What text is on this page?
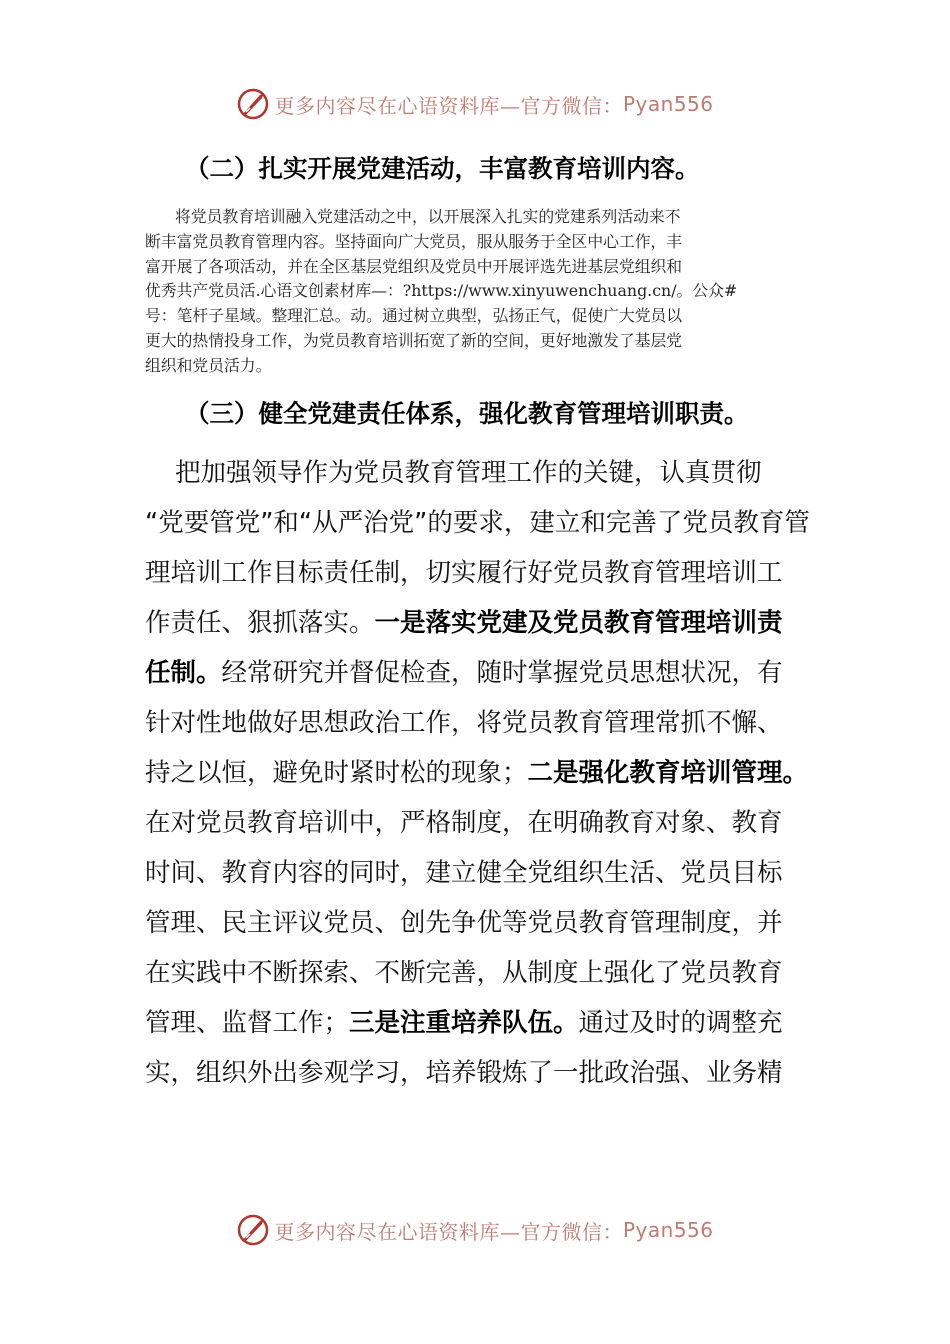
更多内容尽在心语资料库—官方微信： Pyan556
（二）扎实开展党建活动，丰富教育培训内容。
将党员教育培训融入党建活动之中，以开展深入扎实的党建系列活动来不
断丰富党员教育管理内容。坚持面向广大党员，服从服务于全区中心工作，丰
富开展了各项活动，并在全区基层党组织及党员中开展评选先进基层党组织和
优秀共产党员活.心语文创素材库—：?https://www.xinyuwenchuang.cn/。公众#
号：笔杆子星域。整理汇总。动。通过树立典型，弘扬正气，促使广大党员以
更大的热情投身工作，为党员教育培训拓宽了新的空间，更好地激发了基层党
组织和党员活力。
（三）健全党建责任体系，强化教育管理培训职责。
把加强领导作为党员教育管理工作的关键，认真贯彻
“党要管党”和“从严治党”的要求，建立和完善了党员教育管
理培训工作目标责任制，切实履行好党员教育管理培训工
作责任、狠抓落实。一是落实党建及党员教育管理培训责
任制。经常研究并督促检查，随时掌握党员思想状况，有
针对性地做好思想政治工作，将党员教育管理常抓不懈、
持之以恒，避免时紧时松的现象；二是强化教育培训管理。
在对党员教育培训中，严格制度，在明确教育对象、教育
时间、教育内容的同时，建立健全党组织生活、党员目标
管理、民主评议党员、创先争优等党员教育管理制度，并
在实践中不断探索、不断完善，从制度上强化了党员教育
管理、监督工作；三是注重培养队伍。通过及时的调整充
实，组织外出参观学习，培养锻炼了一批政治强、业务精
更多内容尽在心语资料库—官方微信： Pyan556
